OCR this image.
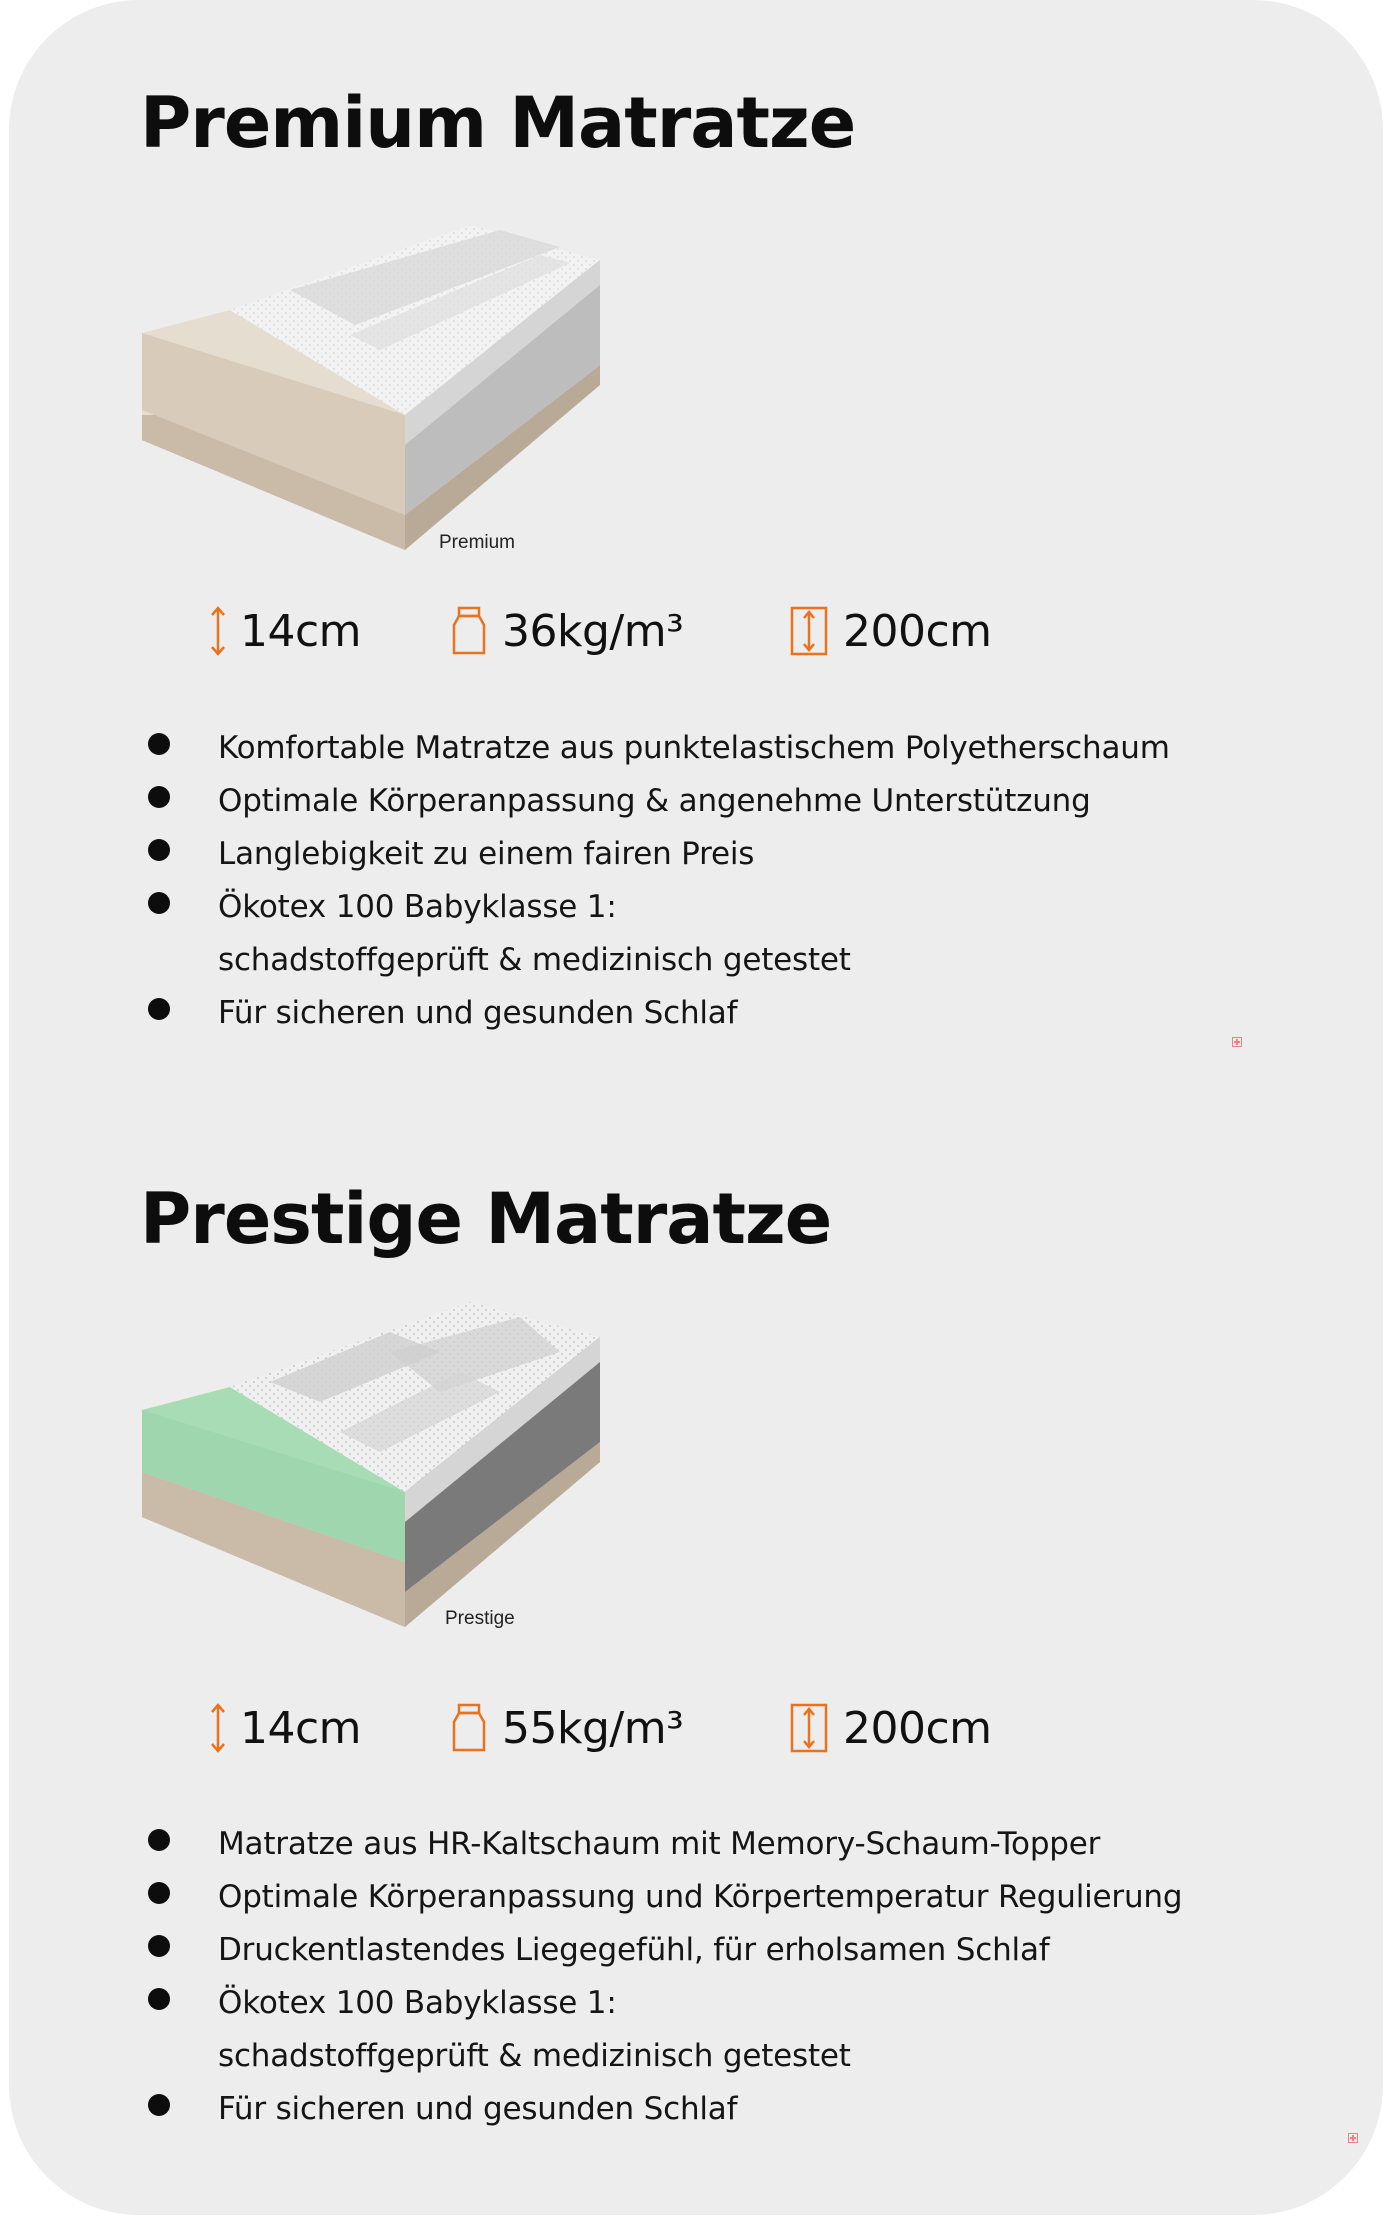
Premium Matratze
Premium
14cm	36kg/m³	200cm
Komfortable Matratze aus punktelastischem Polyetherschaum
Optimale Körperanpassung & angenehme Unterstützung
Langlebigkeit zu einem fairen Preis
Ökotex 100 Babyklasse 1:
schadstoffgeprüft & medizinisch getestet
Für sicheren und gesunden Schlaf
Prestige Matratze
Prestige
14cm	55kg/m³	200cm
Matratze aus HR-Kaltschaum mit Memory-Schaum-Topper
Optimale Körperanpassung und Körpertemperatur Regulierung
Druckentlastendes Liegegefühl, für erholsamen Schlaf
Ökotex 100 Babyklasse 1:
schadstoffgeprüft & medizinisch getestet
Für sicheren und gesunden Schlaf
